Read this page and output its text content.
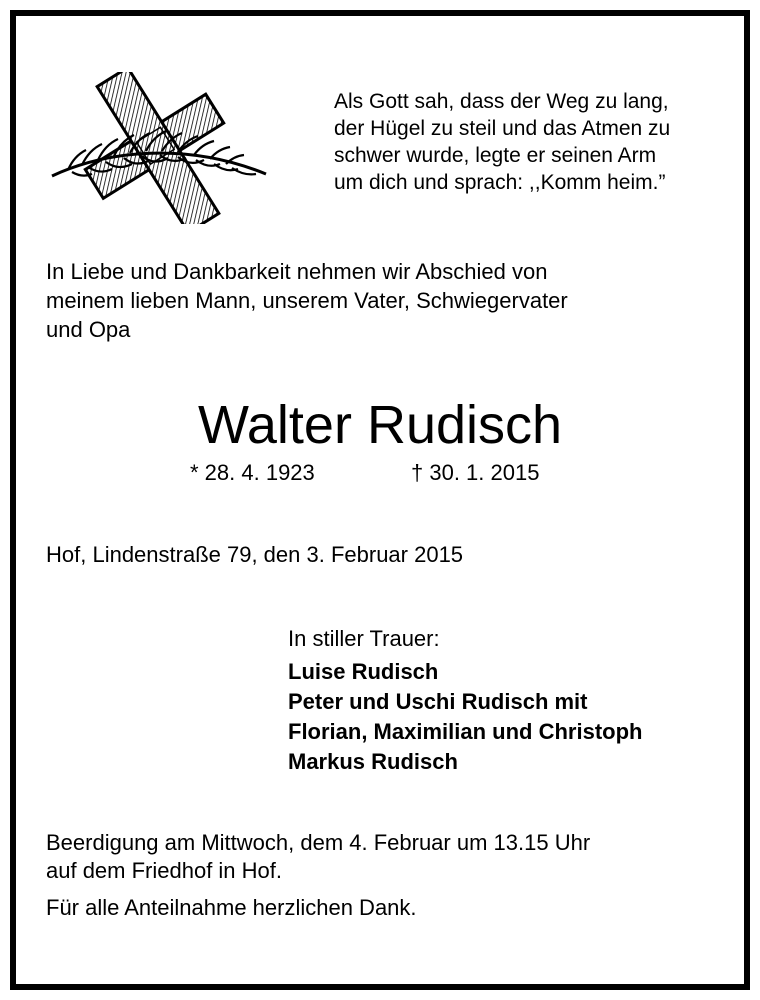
Als Gott sah, dass der Weg zu lang,
der Hügel zu steil und das Atmen zu
schwer wurde, legte er seinen Arm
um dich und sprach: ,,Komm heim.”
In Liebe und Dankbarkeit nehmen wir Abschied von
meinem lieben Mann, unserem Vater, Schwiegervater
und Opa
Walter Rudisch
* 28. 4. 1923	† 30. 1. 2015
Hof, Lindenstraße 79, den 3. Februar 2015
In stiller Trauer:
Luise Rudisch
Peter und Uschi Rudisch mit
Florian, Maximilian und Christoph
Markus Rudisch
Beerdigung am Mittwoch, dem 4. Februar um 13.15 Uhr
auf dem Friedhof in Hof.
Für alle Anteilnahme herzlichen Dank.
